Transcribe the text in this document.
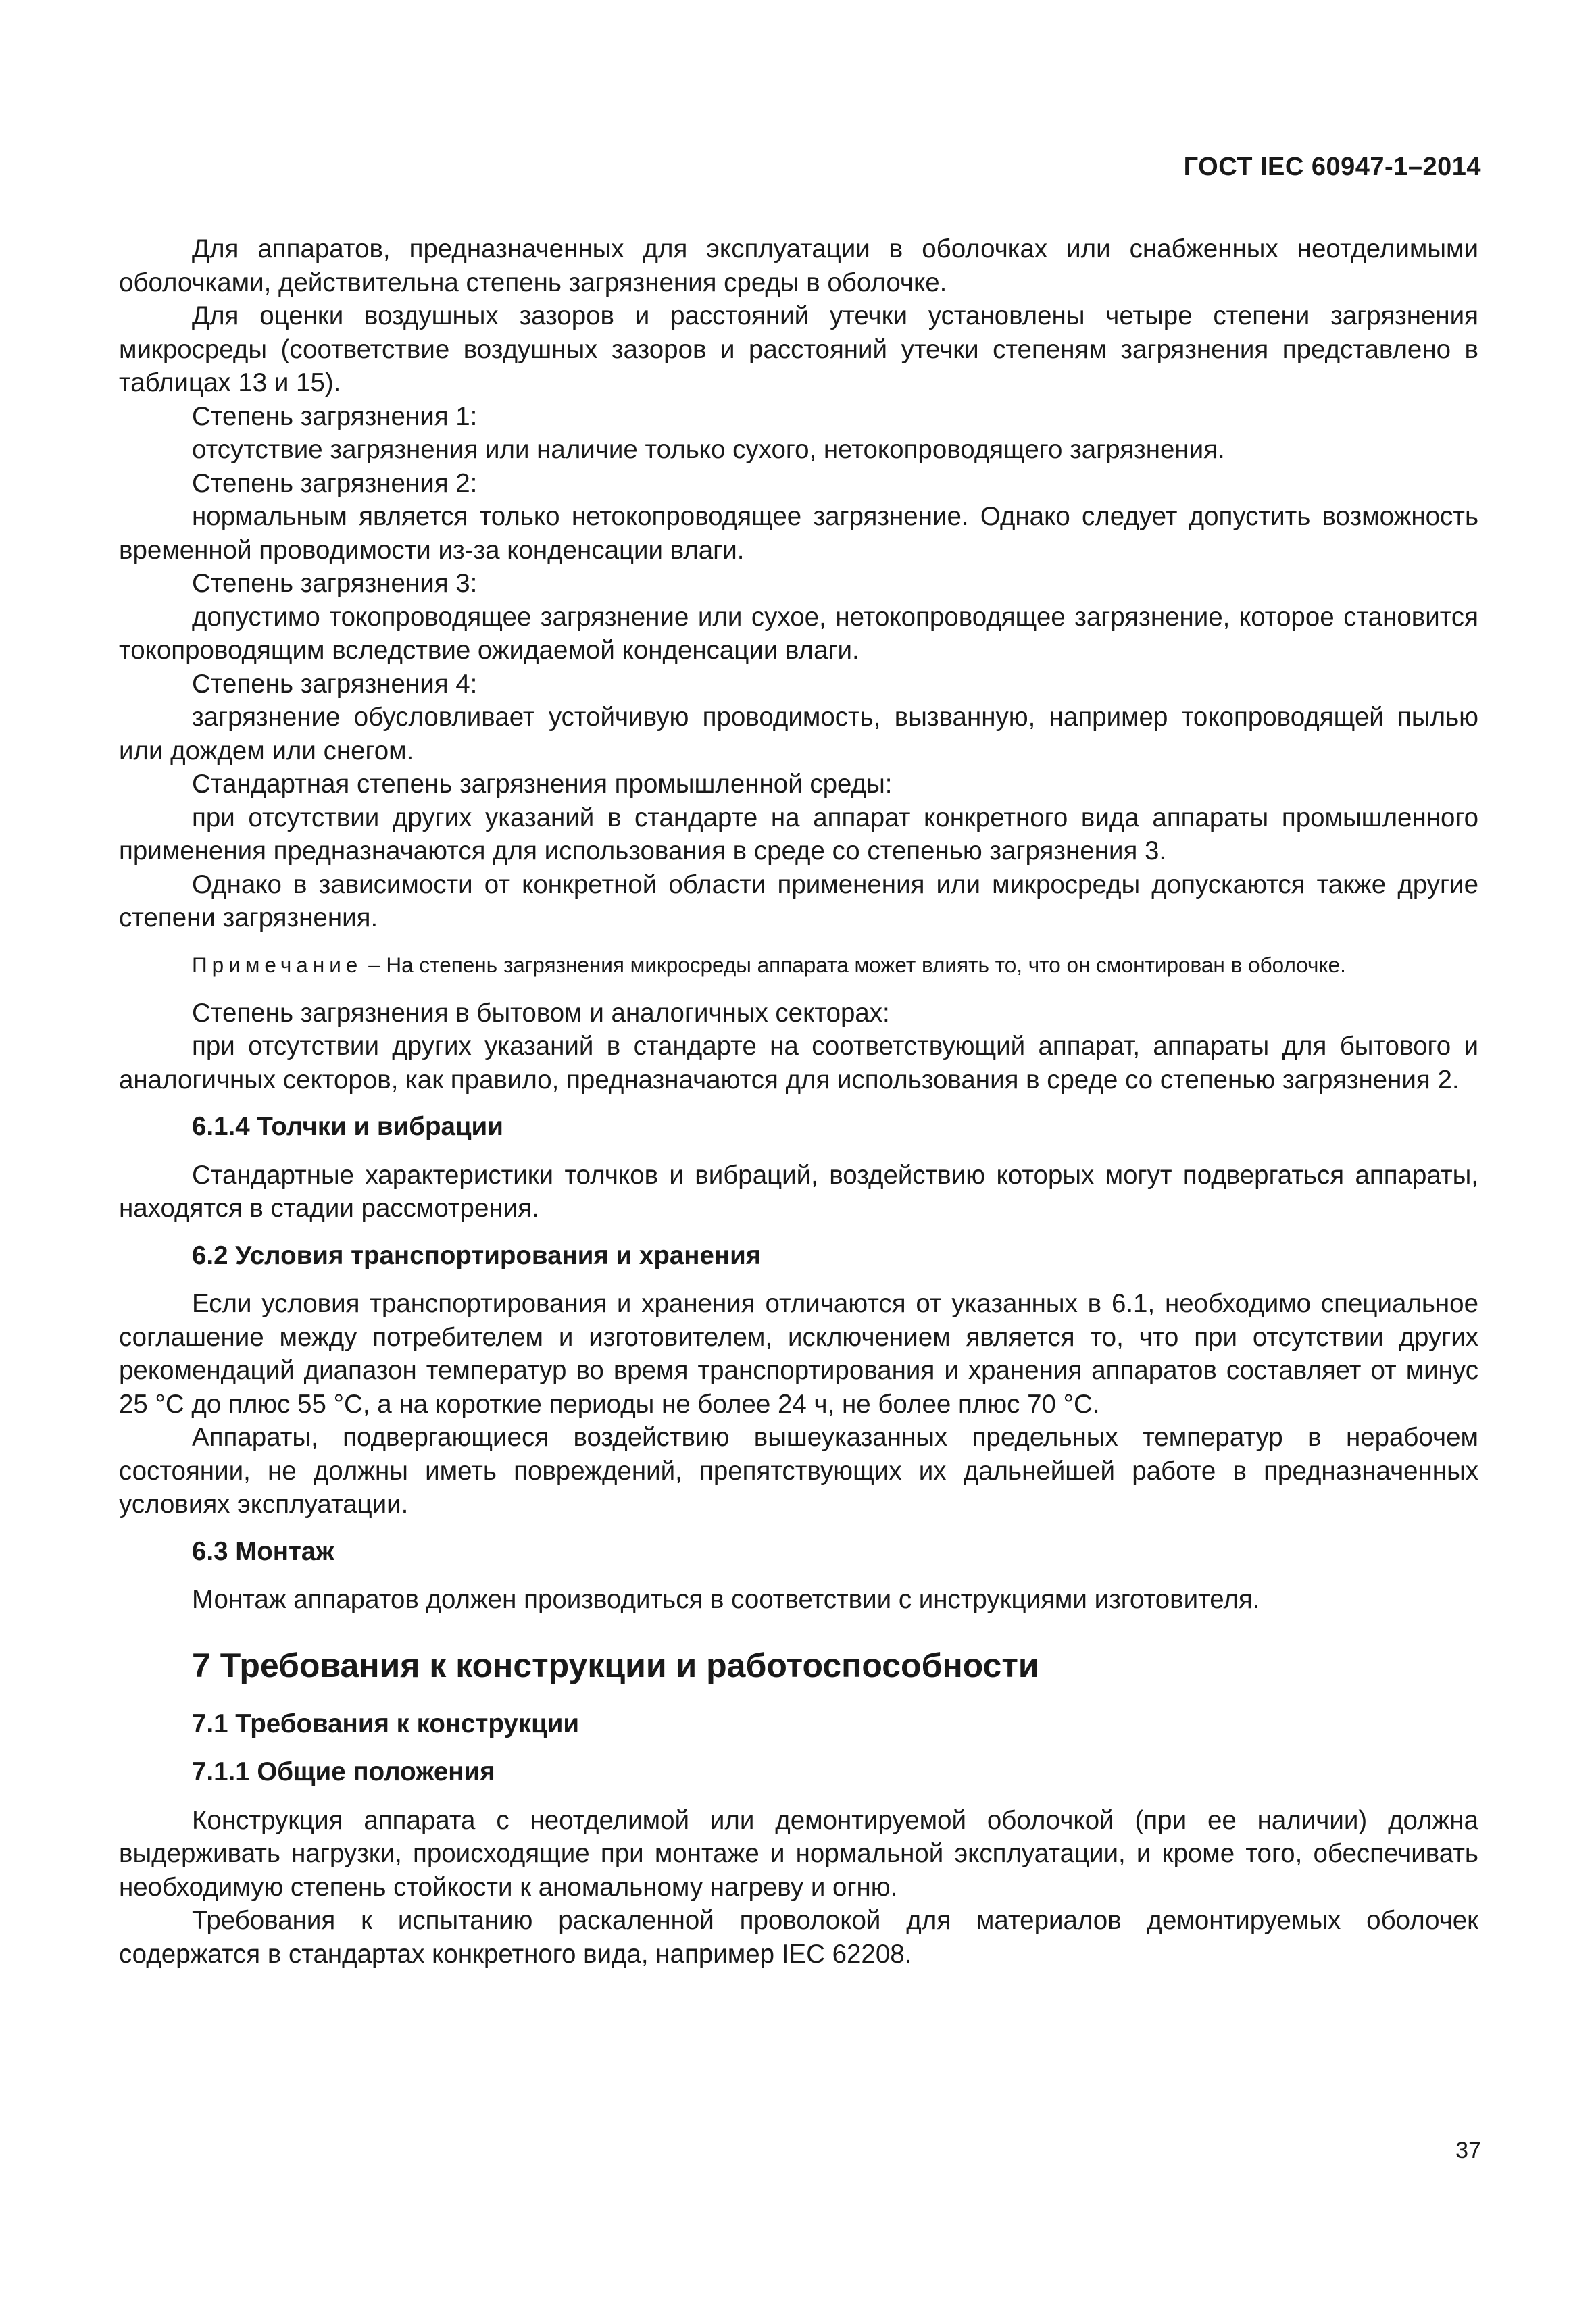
ГОСТ IEC 60947-1–2014
Для аппаратов, предназначенных для эксплуатации в оболочках или снабженных неотделимыми оболочками, действительна степень загрязнения среды в оболочке.
Для оценки воздушных зазоров и расстояний утечки установлены четыре степени загрязнения микросреды (соответствие воздушных зазоров и расстояний утечки степеням загрязнения представлено в таблицах 13 и 15).
Степень загрязнения 1:
отсутствие загрязнения или наличие только сухого, нетокопроводящего загрязнения.
Степень загрязнения 2:
нормальным является только нетокопроводящее загрязнение. Однако следует допустить возможность временной проводимости из-за конденсации влаги.
Степень загрязнения 3:
допустимо токопроводящее загрязнение или сухое, нетокопроводящее загрязнение, которое становится токопроводящим вследствие ожидаемой конденсации влаги.
Степень загрязнения 4:
загрязнение обусловливает устойчивую проводимость, вызванную, например токопроводящей пылью или дождем или снегом.
Стандартная степень загрязнения промышленной среды:
при отсутствии других указаний в стандарте на аппарат конкретного вида аппараты промышленного применения предназначаются для использования в среде со степенью загрязнения 3.
Однако в зависимости от конкретной области применения или микросреды допускаются также другие степени загрязнения.
Примечание – На степень загрязнения микросреды аппарата может влиять то, что он смонтирован в оболочке.
Степень загрязнения в бытовом и аналогичных секторах:
при отсутствии других указаний в стандарте на соответствующий аппарат, аппараты для бытового и аналогичных секторов, как правило, предназначаются для использования в среде со степенью загрязнения 2.
6.1.4 Толчки и вибрации
Стандартные характеристики толчков и вибраций, воздействию которых могут подвергаться аппараты, находятся в стадии рассмотрения.
6.2 Условия транспортирования и хранения
Если условия транспортирования и хранения отличаются от указанных в 6.1, необходимо специальное соглашение между потребителем и изготовителем, исключением является то, что при отсутствии других рекомендаций диапазон температур во время транспортирования и хранения аппаратов составляет от минус 25 °С до плюс 55 °С, а на короткие периоды не более 24 ч, не более плюс 70 °С.
Аппараты, подвергающиеся воздействию вышеуказанных предельных температур в нерабочем состоянии, не должны иметь повреждений, препятствующих их дальнейшей работе в предназначенных условиях эксплуатации.
6.3 Монтаж
Монтаж аппаратов должен производиться в соответствии с инструкциями изготовителя.
7 Требования к конструкции и работоспособности
7.1 Требования к конструкции
7.1.1 Общие положения
Конструкция аппарата с неотделимой или демонтируемой оболочкой (при ее наличии) должна выдерживать нагрузки, происходящие при монтаже и нормальной эксплуатации, и кроме того, обеспечивать необходимую степень стойкости к аномальному нагреву и огню.
Требования к испытанию раскаленной проволокой для материалов демонтируемых оболочек содержатся в стандартах конкретного вида, например IEC 62208.
37
